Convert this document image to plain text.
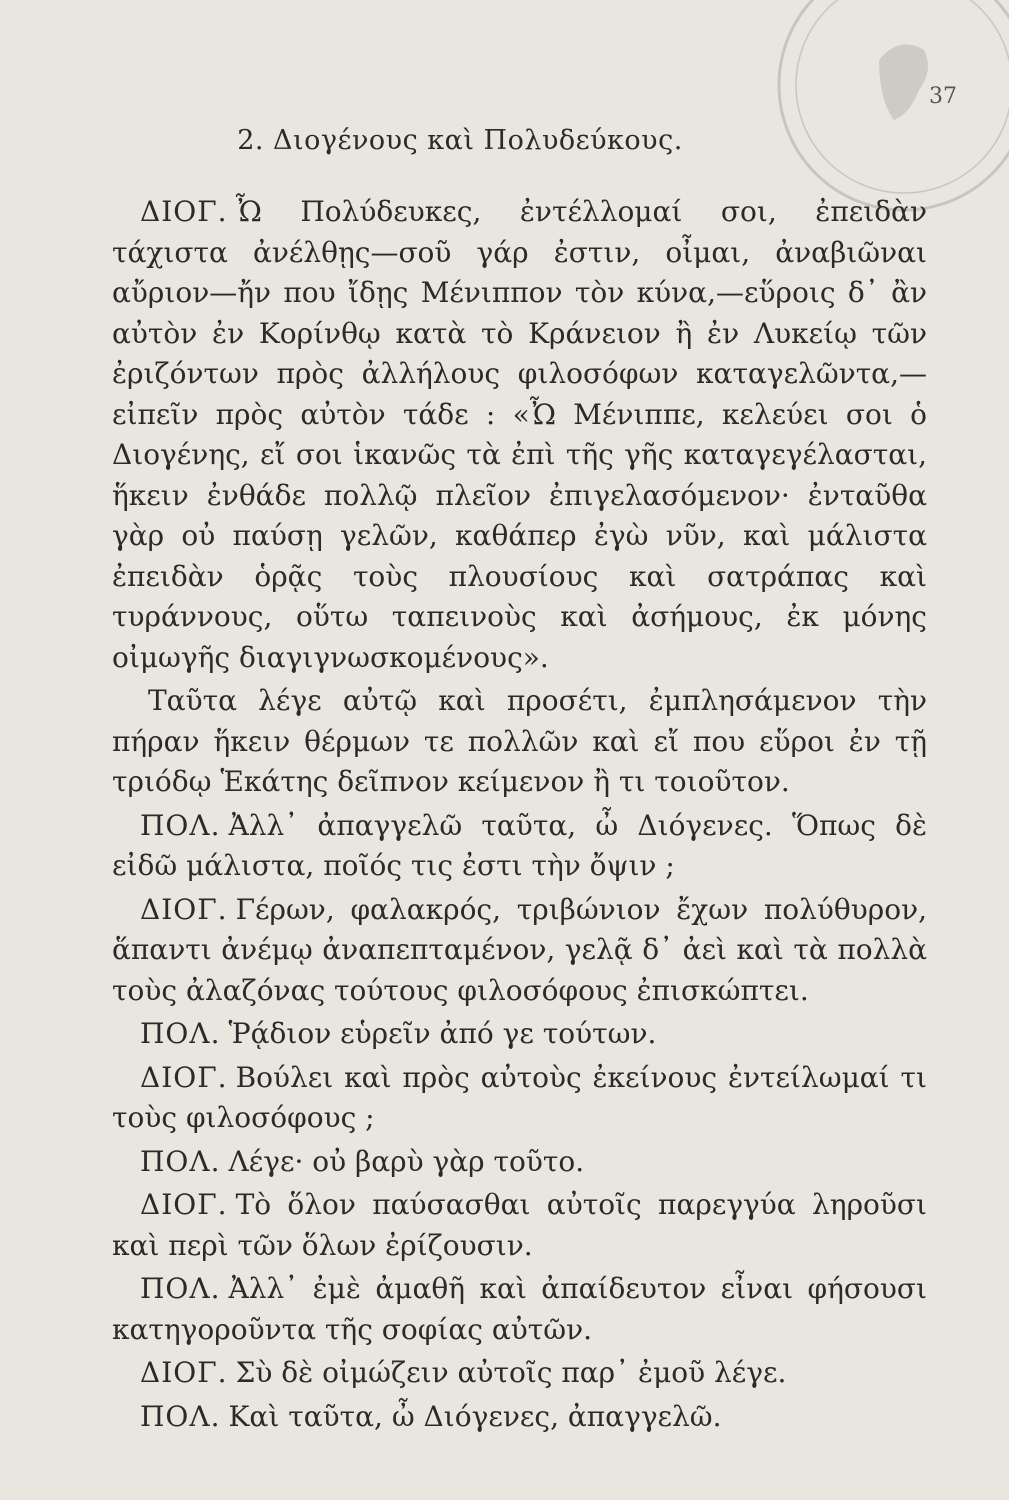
37
2. Διογένους καὶ Πολυδεύκους.

ΔΙΟΓ. Ὦ Πολύδευκες, ἐντέλλομαί σοι, ἐπειδὰν τάχιστα ἀνέλθῃς—σοῦ γάρ ἐστιν, οἶμαι, ἀναβιῶναι αὔριον—ἤν που ἴδῃς Μένιππον τὸν κύνα,—εὕροις δ᾽ ἂν αὐτὸν ἐν Κορίνθῳ κατὰ τὸ Κράνειον ἢ ἐν Λυκείῳ τῶν ἐριζόντων πρὸς ἀλλήλους φιλοσόφων καταγελῶντα,—εἰπεῖν πρὸς αὐτὸν τάδε : «Ὦ Μένιππε, κελεύει σοι ὁ Διογένης, εἴ σοι ἱκανῶς τὰ ἐπὶ τῆς γῆς καταγεγέλασται, ἥκειν ἐνθάδε πολλῷ πλεῖον ἐπιγελασόμενον· ἐνταῦθα γὰρ οὐ παύσῃ γελῶν, καθάπερ ἐγὼ νῦν, καὶ μάλιστα ἐπειδὰν ὁρᾷς τοὺς πλουσίους καὶ σατράπας καὶ τυράννους, οὕτω ταπεινοὺς καὶ ἀσήμους, ἐκ μόνης οἰμωγῆς διαγιγνωσκομένους».

Ταῦτα λέγε αὐτῷ καὶ προσέτι, ἐμπλησάμενον τὴν πήραν ἥκειν θέρμων τε πολλῶν καὶ εἴ που εὕροι ἐν τῇ τριόδῳ Ἑκάτης δεῖπνον κείμενον ἢ τι τοιοῦτον.

ΠΟΛ. Ἀλλ᾽ ἀπαγγελῶ ταῦτα, ὦ Διόγενες. Ὅπως δὲ εἰδῶ μάλιστα, ποῖός τις ἐστι τὴν ὄψιν ;

ΔΙΟΓ. Γέρων, φαλακρός, τριβώνιον ἔχων πολύθυρον, ἅπαντι ἀνέμῳ ἀναπεπταμένον, γελᾷ δ᾽ ἀεὶ καὶ τὰ πολλὰ τοὺς ἀλαζόνας τούτους φιλοσόφους ἐπισκώπτει.

ΠΟΛ. Ῥᾴδιον εὑρεῖν ἀπό γε τούτων.

ΔΙΟΓ. Βούλει καὶ πρὸς αὐτοὺς ἐκείνους ἐντείλωμαί τι τοὺς φιλοσόφους ;

ΠΟΛ. Λέγε· οὐ βαρὺ γὰρ τοῦτο.

ΔΙΟΓ. Τὸ ὅλον παύσασθαι αὐτοῖς παρεγγύα ληροῦσι καὶ περὶ τῶν ὅλων ἐρίζουσιν.

ΠΟΛ. Ἀλλ᾽ ἐμὲ ἀμαθῆ καὶ ἀπαίδευτον εἶναι φήσουσι κατηγοροῦντα τῆς σοφίας αὐτῶν.

ΔΙΟΓ. Σὺ δὲ οἰμώζειν αὐτοῖς παρ᾽ ἐμοῦ λέγε.

ΠΟΛ. Καὶ ταῦτα, ὦ Διόγενες, ἀπαγγελῶ.
